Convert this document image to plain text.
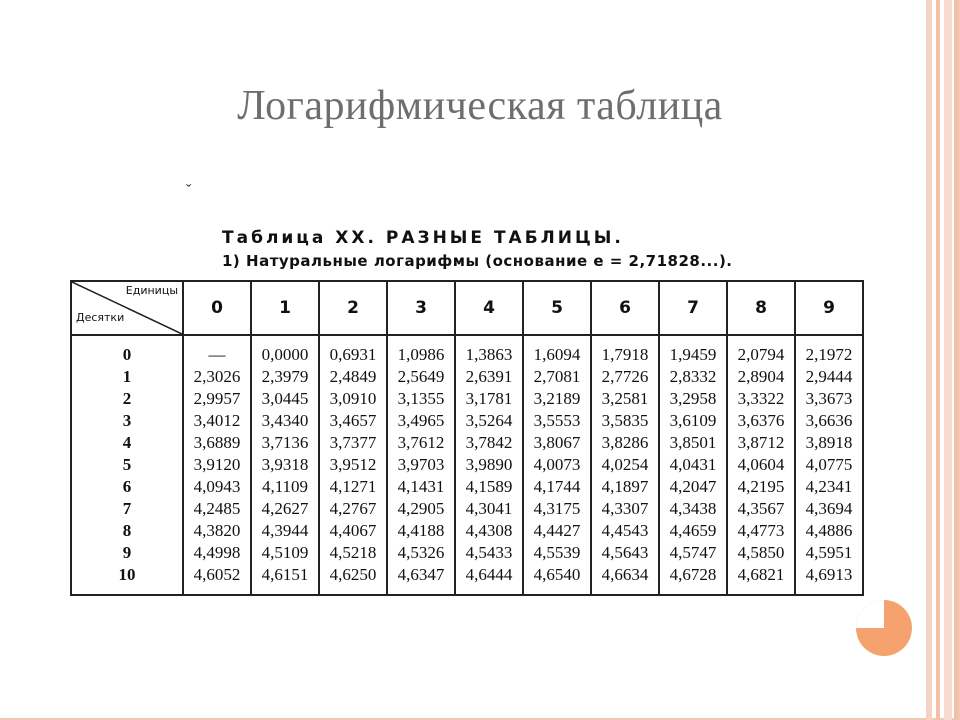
Логарифмическая таблица
ˇ
Таблица XX. РАЗНЫЕ ТАБЛИЦЫ.
1) Натуральные логарифмы (основание e = 2,71828...).
Единицы
Десятки	0	1	2	3	4	5	6	7	8	9
0	—	0,0000	0,6931	1,0986	1,3863	1,6094	1,7918	1,9459	2,0794	2,1972
1	2,3026	2,3979	2,4849	2,5649	2,6391	2,7081	2,7726	2,8332	2,8904	2,9444
2	2,9957	3,0445	3,0910	3,1355	3,1781	3,2189	3,2581	3,2958	3,3322	3,3673
3	3,4012	3,4340	3,4657	3,4965	3,5264	3,5553	3,5835	3,6109	3,6376	3,6636
4	3,6889	3,7136	3,7377	3,7612	3,7842	3,8067	3,8286	3,8501	3,8712	3,8918
5	3,9120	3,9318	3,9512	3,9703	3,9890	4,0073	4,0254	4,0431	4,0604	4,0775
6	4,0943	4,1109	4,1271	4,1431	4,1589	4,1744	4,1897	4,2047	4,2195	4,2341
7	4,2485	4,2627	4,2767	4,2905	4,3041	4,3175	4,3307	4,3438	4,3567	4,3694
8	4,3820	4,3944	4,4067	4,4188	4,4308	4,4427	4,4543	4,4659	4,4773	4,4886
9	4,4998	4,5109	4,5218	4,5326	4,5433	4,5539	4,5643	4,5747	4,5850	4,5951
10	4,6052	4,6151	4,6250	4,6347	4,6444	4,6540	4,6634	4,6728	4,6821	4,6913
